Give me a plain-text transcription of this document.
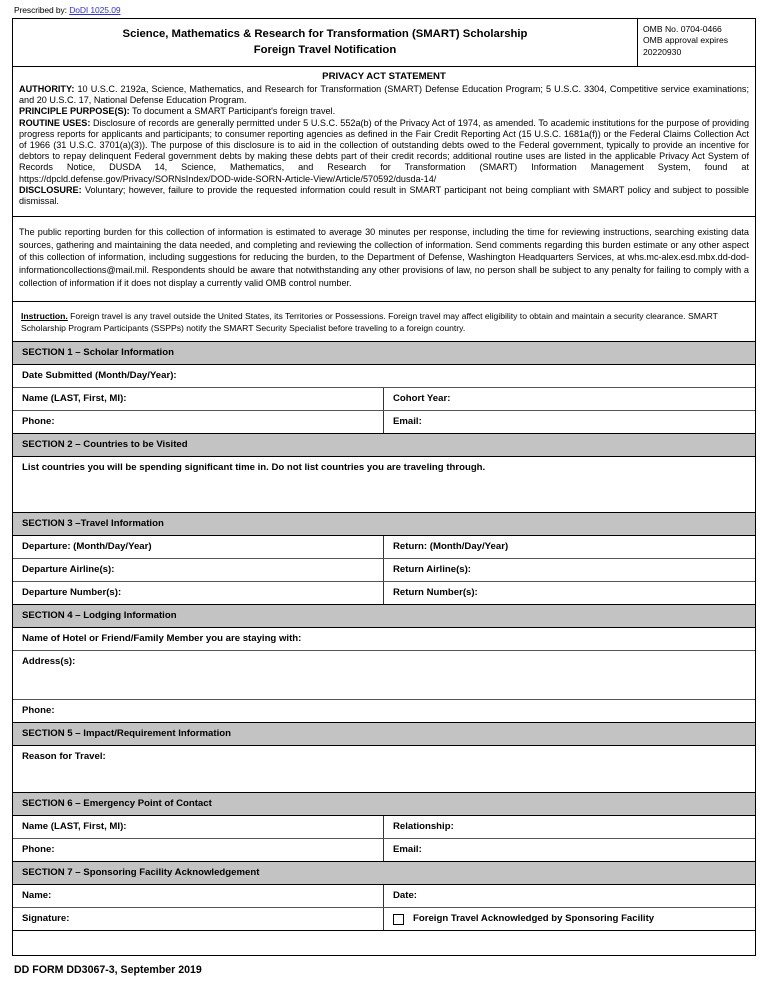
Prescribed by: DoDI 1025.09
Science, Mathematics & Research for Transformation (SMART) Scholarship
Foreign Travel Notification
OMB No. 0704-0466
OMB approval expires
20220930
PRIVACY ACT STATEMENT

AUTHORITY: 10 U.S.C. 2192a, Science, Mathematics, and Research for Transformation (SMART) Defense Education Program; 5 U.S.C. 3304, Competitive service examinations; and 20 U.S.C. 17, National Defense Education Program.

PRINCIPLE PURPOSE(S): To document a SMART Participant's foreign travel.

ROUTINE USES: Disclosure of records are generally permitted under 5 U.S.C. 552a(b) of the Privacy Act of 1974, as amended. To academic institutions for the purpose of providing progress reports for applicants and participants; to consumer reporting agencies as defined in the Fair Credit Reporting Act (15 U.S.C. 1681a(f)) or the Federal Claims Collection Act of 1966 (31 U.S.C. 3701(a)(3)). The purpose of this disclosure is to aid in the collection of outstanding debts owed to the Federal government, typically to provide an incentive for debtors to repay delinquent Federal government debts by making these debts part of their credit records; additional routine uses are listed in the applicable Privacy Act System of Records Notice, DUSDA 14, Science, Mathematics, and Research for Transformation (SMART) Information Management System, found at https://dpcld.defense.gov/Privacy/SORNsIndex/DOD-wide-SORN-Article-View/Article/570592/dusda-14/

DISCLOSURE: Voluntary; however, failure to provide the requested information could result in SMART participant not being compliant with SMART policy and subject to possible dismissal.

The public reporting burden for this collection of information is estimated to average 30 minutes per response, including the time for reviewing instructions, searching existing data sources, gathering and maintaining the data needed, and completing and reviewing the collection of information. Send comments regarding this burden estimate or any other aspect of this collection of information, including suggestions for reducing the burden, to the Department of Defense, Washington Headquarters Services, at whs.mc-alex.esd.mbx.dd-dod-informationcollections@mail.mil. Respondents should be aware that notwithstanding any other provisions of law, no person shall be subject to any penalty for failing to comply with a collection of information if it does not display a currently valid OMB control number.

Instruction. Foreign travel is any travel outside the United States, its Territories or Possessions. Foreign travel may affect eligibility to obtain and maintain a security clearance. SMART Scholarship Program Participants (SSPPs) notify the SMART Security Specialist before traveling to a foreign country.

SECTION 1 – Scholar Information
Date Submitted (Month/Day/Year):
Name (LAST, First, MI):	Cohort Year:
Phone:	Email:
SECTION 2 – Countries to be Visited
List countries you will be spending significant time in. Do not list countries you are traveling through.
SECTION 3 –Travel Information
Departure: (Month/Day/Year)	Return: (Month/Day/Year)
Departure Airline(s):	Return Airline(s):
Departure Number(s):	Return Number(s):
SECTION 4 – Lodging Information
Name of Hotel or Friend/Family Member you are staying with:
Address(s):
Phone:
SECTION 5 – Impact/Requirement Information
Reason for Travel:
SECTION 6 – Emergency Point of Contact
Name (LAST, First, MI):	Relationship:
Phone:	Email:
SECTION 7 – Sponsoring Facility Acknowledgement
Name:	Date:
Signature:	Foreign Travel Acknowledged by Sponsoring Facility
DD FORM DD3067-3, September 2019
